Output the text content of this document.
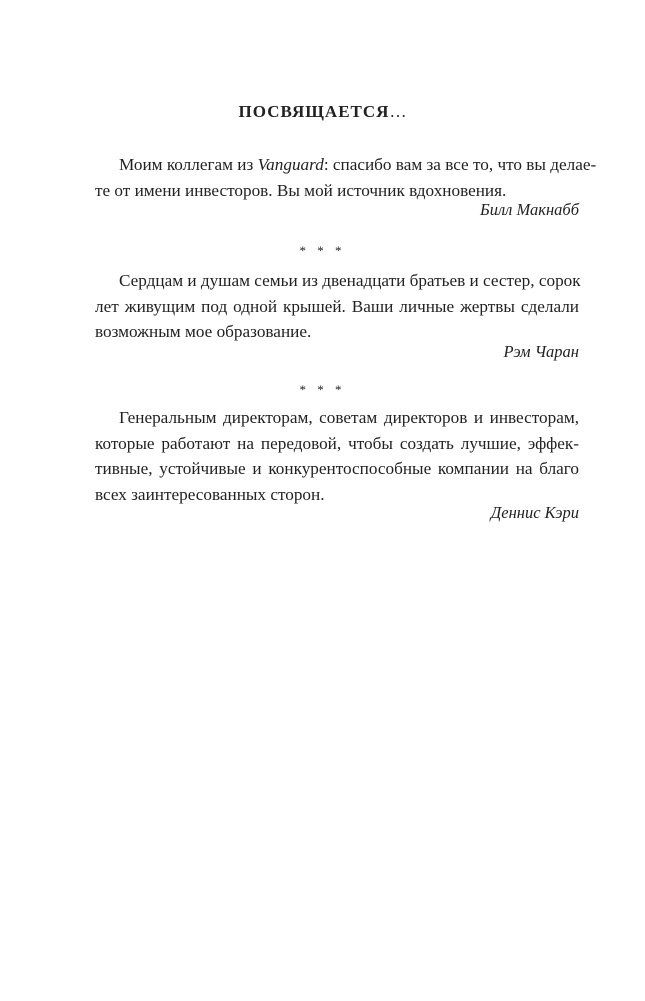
ПОСВЯЩАЕТСЯ…
Моим коллегам из Vanguard: спасибо вам за все то, что вы делае-
те от имени инвесторов. Вы мой источник вдохновения.
Билл Макнабб
* * *
Сердцам и душам семьи из двенадцати братьев и сестер, сорок
лет живущим под одной крышей. Ваши личные жертвы сделали
возможным мое образование.
Рэм Чаран
* * *
Генеральным директорам, советам директоров и инвесторам,
которые работают на передовой, чтобы создать лучшие, эффек-
тивные, устойчивые и конкурентоспособные компании на благо
всех заинтересованных сторон.
Деннис Кэри
